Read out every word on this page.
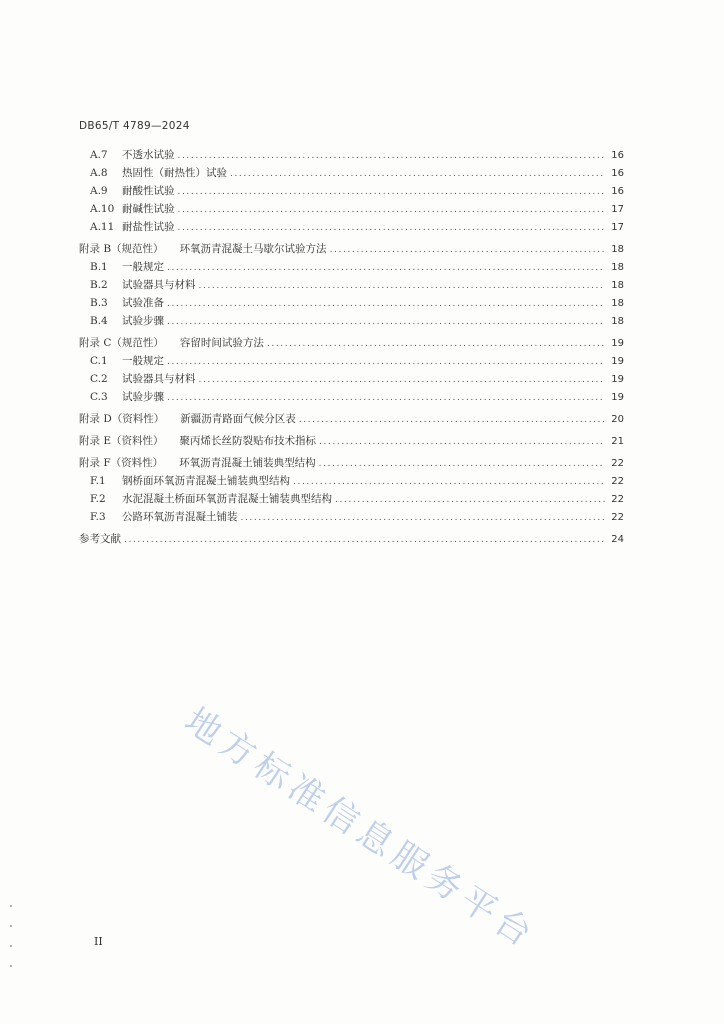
DB65/T 4789—2024
A.7	不透水试验 .....	16
A.8	热固性（耐热性）试验 .....	16
A.9	耐酸性试验 .....	16
A.10 耐碱性试验 .....	17
A.11 耐盐性试验 .....	17
附录 B（规范性） 环氧沥青混凝土马歇尔试验方法 .....	18
B.1	一般规定 .....	18
B.2	试验器具与材料 .....	18
B.3	试验准备 .....	18
B.4	试验步骤 .....	18
附录 C（规范性） 容留时间试验方法 .....	19
C.1	一般规定 .....	19
C.2	试验器具与材料 .....	19
C.3	试验步骤 .....	19
附录 D（资料性） 新疆沥青路面气候分区表 .....	20
附录 E（资料性） 聚丙烯长丝防裂贴布技术指标 .....	21
附录 F（资料性） 环氧沥青混凝土铺装典型结构 .....	22
F.1	钢桥面环氧沥青混凝土铺装典型结构 .....	22
F.2	水泥混凝土桥面环氧沥青混凝土铺装典型结构 .....	22
F.3	公路环氧沥青混凝土铺装 .....	22
参考文献 .....	24
地方标准信息服务平台
II
